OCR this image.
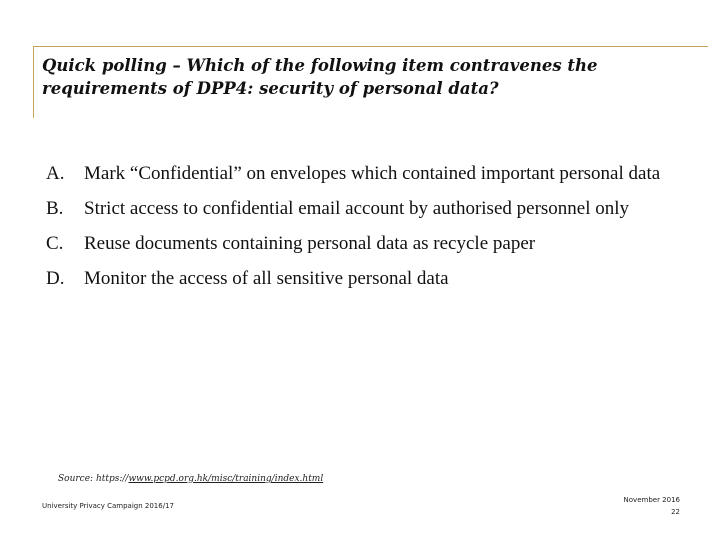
Quick polling – Which of the following item contravenes the requirements of DPP4: security of personal data?
A.	Mark “Confidential” on envelopes which contained important personal data
B.	Strict access to confidential email account by authorised personnel only
C.	Reuse documents containing personal data as recycle paper
D.	Monitor the access of all sensitive personal data
Source: https://www.pcpd.org.hk/misc/training/index.html
University Privacy Campaign 2016/17
November 2016
22
